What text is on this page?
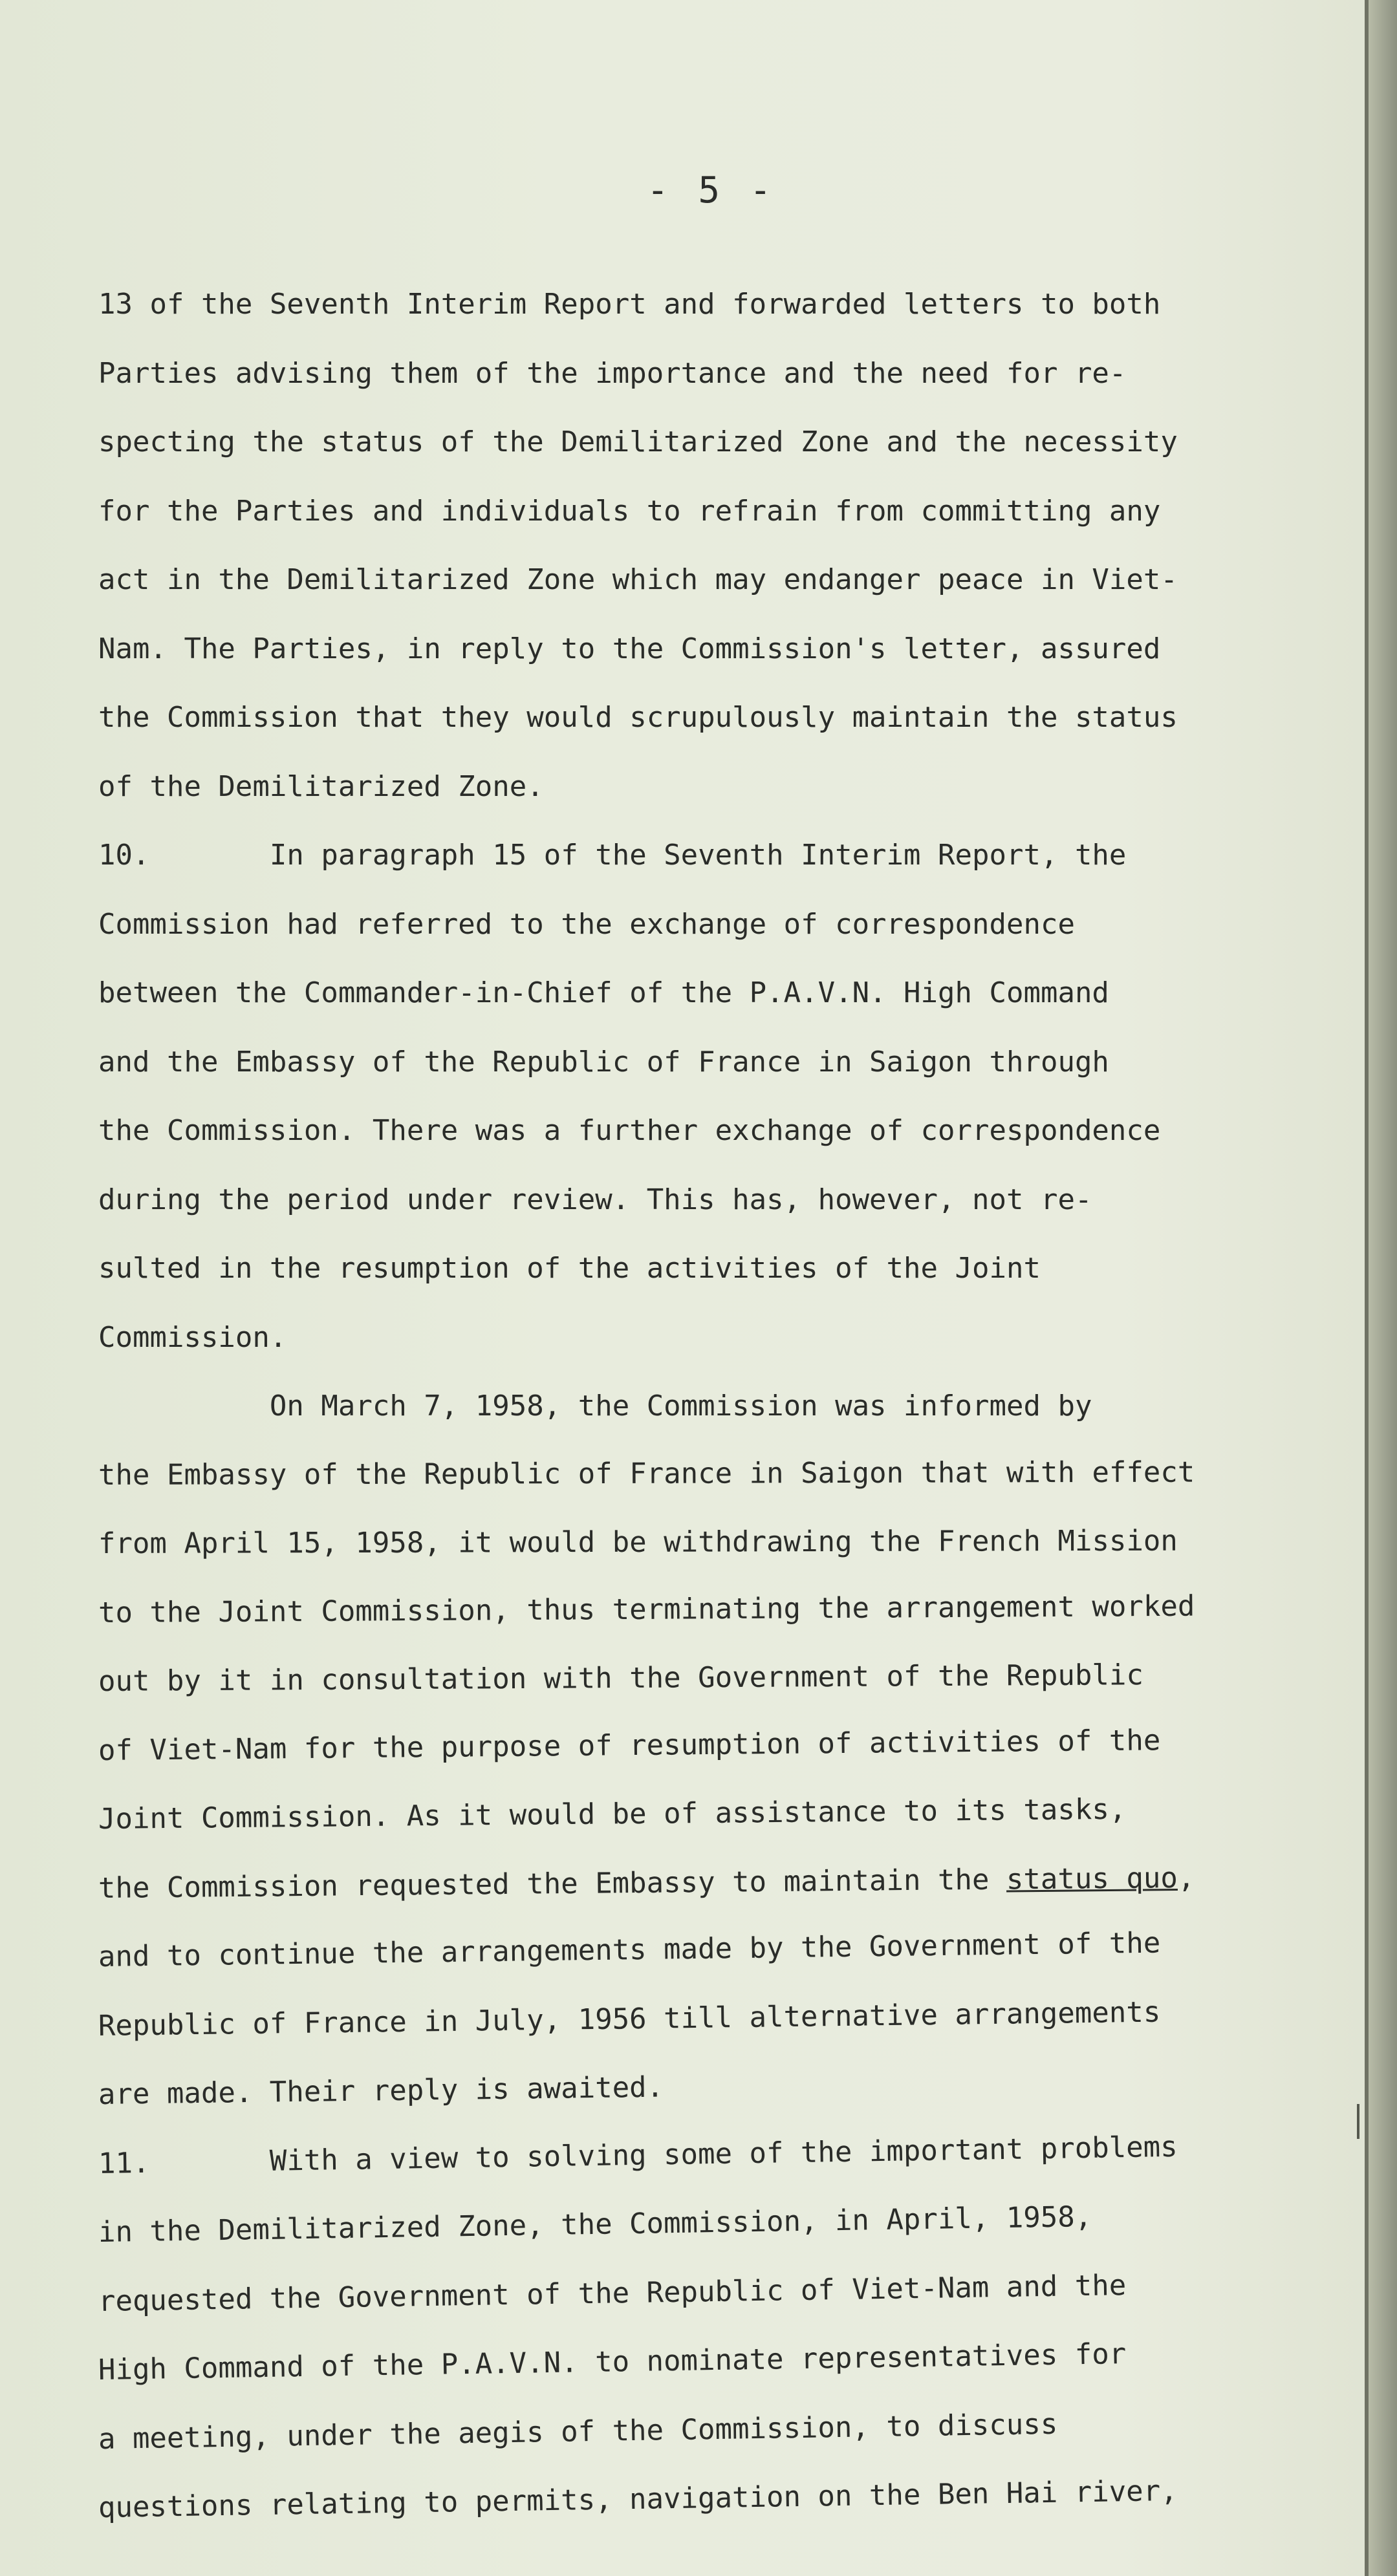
- 5 -
13 of the Seventh Interim Report and forwarded letters to both
Parties advising them of the importance and the need for re-
specting the status of the Demilitarized Zone and the necessity
for the Parties and individuals to refrain from committing any
act in the Demilitarized Zone which may endanger peace in Viet-
Nam. The Parties, in reply to the Commission's letter, assured
the Commission that they would scrupulously maintain the status
of the Demilitarized Zone.
10.       In paragraph 15 of the Seventh Interim Report, the
Commission had referred to the exchange of correspondence
between the Commander-in-Chief of the P.A.V.N. High Command
and the Embassy of the Republic of France in Saigon through
the Commission. There was a further exchange of correspondence
during the period under review. This has, however, not re-
sulted in the resumption of the activities of the Joint
Commission.
On March 7, 1958, the Commission was informed by
the Embassy of the Republic of France in Saigon that with effect
from April 15, 1958, it would be withdrawing the French Mission
to the Joint Commission, thus terminating the arrangement worked
out by it in consultation with the Government of the Republic
of Viet-Nam for the purpose of resumption of activities of the
Joint Commission. As it would be of assistance to its tasks,
the Commission requested the Embassy to maintain the status quo,
and to continue the arrangements made by the Government of the
Republic of France in July, 1956 till alternative arrangements
are made. Their reply is awaited.
11.       With a view to solving some of the important problems
in the Demilitarized Zone, the Commission, in April, 1958,
requested the Government of the Republic of Viet-Nam and the
High Command of the P.A.V.N. to nominate representatives for
a meeting, under the aegis of the Commission, to discuss
questions relating to permits, navigation on the Ben Hai river,
